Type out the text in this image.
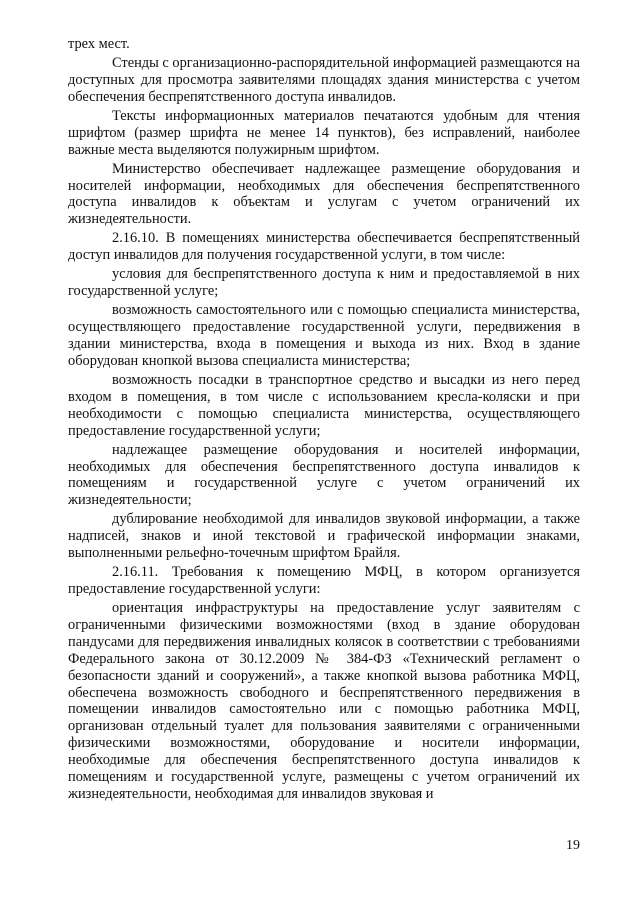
трех мест.

Стенды с организационно-распорядительной информацией размещаются на доступных для просмотра заявителями площадях здания министерства с учетом обеспечения беспрепятственного доступа инвалидов.

Тексты информационных материалов печатаются удобным для чтения шрифтом (размер шрифта не менее 14 пунктов), без исправлений, наиболее важные места выделяются полужирным шрифтом.

Министерство обеспечивает надлежащее размещение оборудования и носителей информации, необходимых для обеспечения беспрепятственного доступа инвалидов к объектам и услугам с учетом ограничений их жизнедеятельности.

2.16.10. В помещениях министерства обеспечивается беспрепятственный доступ инвалидов для получения государственной услуги, в том числе:

условия для беспрепятственного доступа к ним и предоставляемой в них государственной услуге;

возможность самостоятельного или с помощью специалиста министерства, осуществляющего предоставление государственной услуги, передвижения в здании министерства, входа в помещения и выхода из них. Вход в здание оборудован кнопкой вызова специалиста министерства;

возможность посадки в транспортное средство и высадки из него перед входом в помещения, в том числе с использованием кресла-коляски и при необходимости с помощью специалиста министерства, осуществляющего предоставление государственной услуги;

надлежащее размещение оборудования и носителей информации, необходимых для обеспечения беспрепятственного доступа инвалидов к помещениям и государственной услуге с учетом ограничений их жизнедеятельности;

дублирование необходимой для инвалидов звуковой информации, а также надписей, знаков и иной текстовой и графической информации знаками, выполненными рельефно-точечным шрифтом Брайля.

2.16.11. Требования к помещению МФЦ, в котором организуется предоставление государственной услуги:

ориентация инфраструктуры на предоставление услуг заявителям с ограниченными физическими возможностями (вход в здание оборудован пандусами для передвижения инвалидных колясок в соответствии с требованиями Федерального закона от 30.12.2009 № 384-ФЗ «Технический регламент о безопасности зданий и сооружений», а также кнопкой вызова работника МФЦ, обеспечена возможность свободного и беспрепятственного передвижения в помещении инвалидов самостоятельно или с помощью работника МФЦ, организован отдельный туалет для пользования заявителями с ограниченными физическими возможностями, оборудование и носители информации, необходимые для обеспечения беспрепятственного доступа инвалидов к помещениям и государственной услуге, размещены с учетом ограничений их жизнедеятельности, необходимая для инвалидов звуковая и

19
